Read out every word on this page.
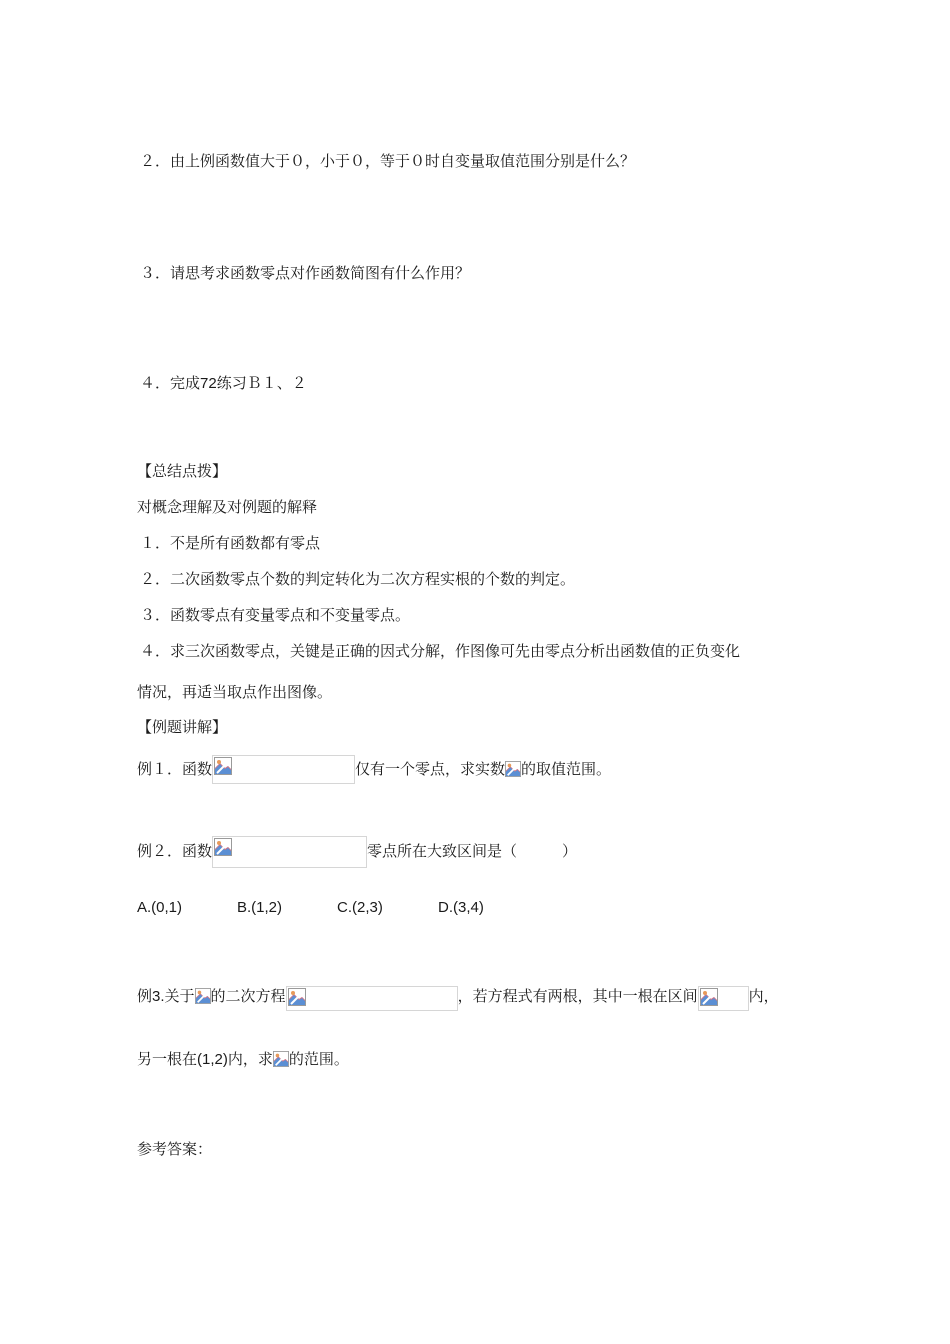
２．由上例函数值大于０，小于０，等于０时自变量取值范围分别是什么？
３．请思考求函数零点对作函数简图有什么作用？
４．完成72练习Ｂ１、２
【总结点拨】
对概念理解及对例题的解释
１．不是所有函数都有零点
２．二次函数零点个数的判定转化为二次方程实根的个数的判定。
３．函数零点有变量零点和不变量零点。
４．求三次函数零点，关键是正确的因式分解，作图像可先由零点分析出函数值的正负变化
情况，再适当取点作出图像。
【例题讲解】
例１．函数	仅有一个零点，求实数 的取值范围。
例２．函数	零点所在大致区间是（　　　）
A.(0,1)	B.(1,2)	C.(2,3)	D.(3,4)
例3.关于 的二次方程	，若方程式有两根，其中一根在区间	内，
另一根在(1,2)内，求 的范围。
参考答案：
